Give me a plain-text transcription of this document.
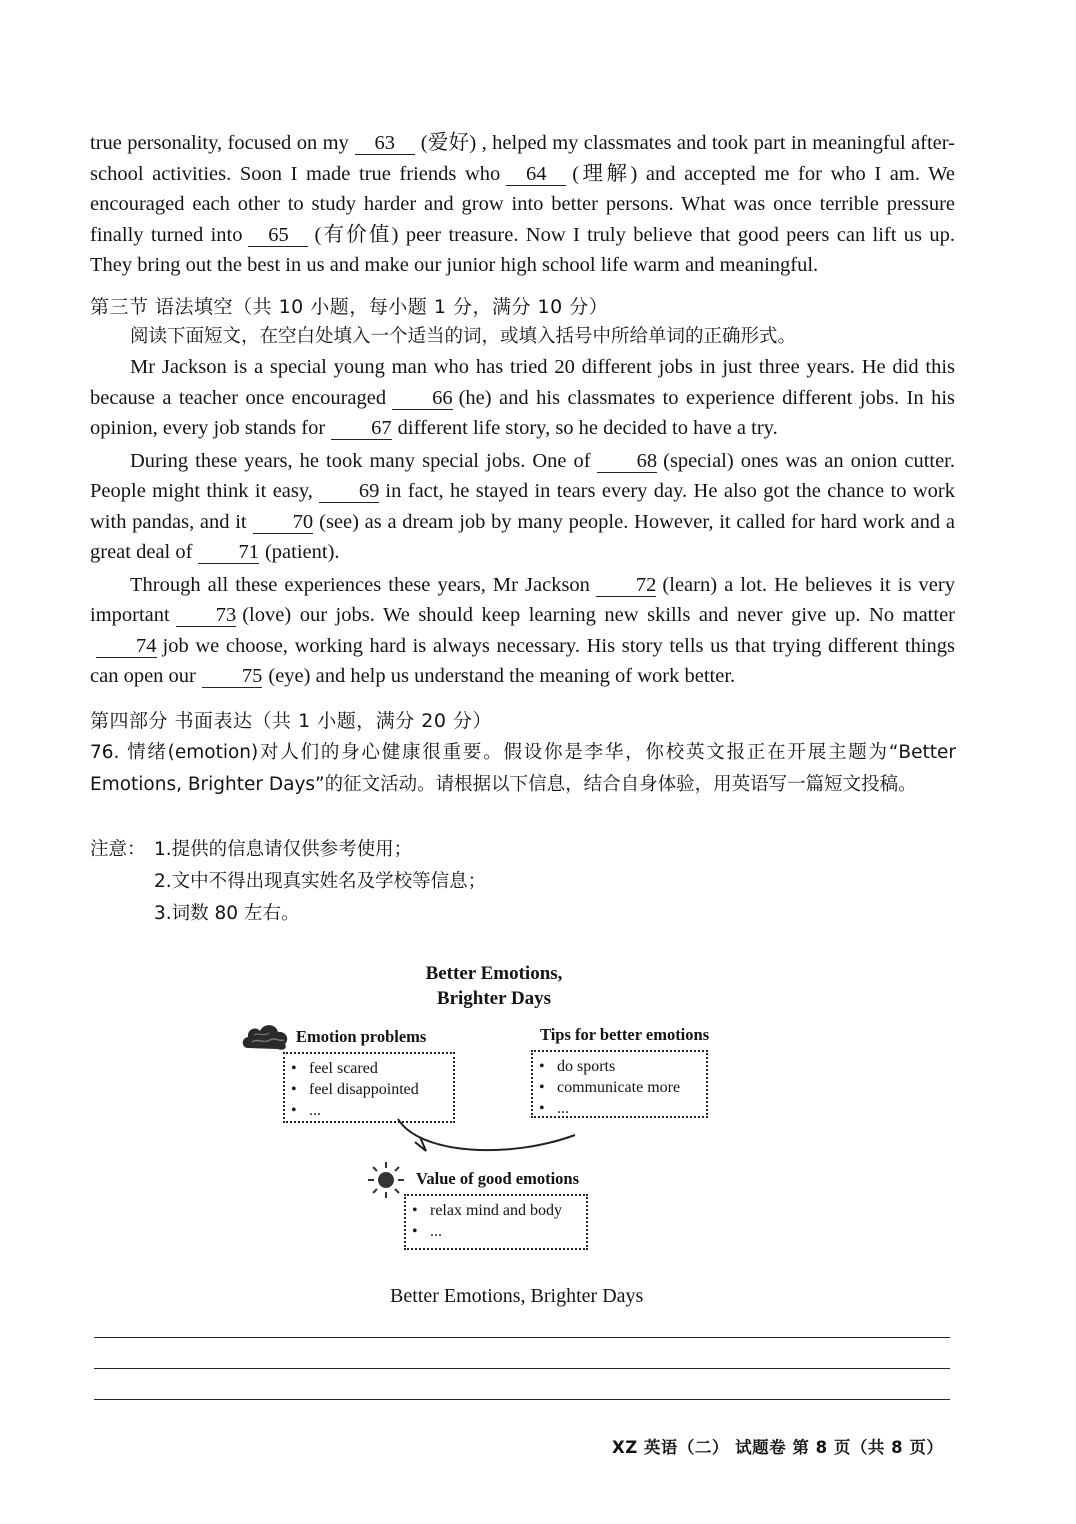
true personality, focused on my 63 (爱好) , helped my classmates and took part in meaningful after-school activities. Soon I made true friends who 64 (理解) and accepted me for who I am. We encouraged each other to study harder and grow into better persons. What was once terrible pressure finally turned into 65 (有价值) peer treasure. Now I truly believe that good peers can lift us up. They bring out the best in us and make our junior high school life warm and meaningful.

第三节 语法填空（共 10 小题，每小题 1 分，满分 10 分）
阅读下面短文，在空白处填入一个适当的词，或填入括号中所给单词的正确形式。

Mr Jackson is a special young man who has tried 20 different jobs in just three years. He did this because a teacher once encouraged 66 (he) and his classmates to experience different jobs. In his opinion, every job stands for 67 different life story, so he decided to have a try.

During these years, he took many special jobs. One of 68 (special) ones was an onion cutter. People might think it easy, 69 in fact, he stayed in tears every day. He also got the chance to work with pandas, and it 70 (see) as a dream job by many people. However, it called for hard work and a great deal of 71 (patient).

Through all these experiences these years, Mr Jackson 72 (learn) a lot. He believes it is very important 73 (love) our jobs. We should keep learning new skills and never give up. No matter74 job we choose, working hard is always necessary. His story tells us that trying different things can open our 75 (eye) and help us understand the meaning of work better.

第四部分 书面表达（共 1 小题，满分 20 分）
76. 情绪(emotion)对人们的身心健康很重要。假设你是李华，你校英文报正在开展主题为“Better Emotions, Brighter Days”的征文活动。请根据以下信息，结合自身体验，用英语写一篇短文投稿。
注意： 1.提供的信息请仅供参考使用；
2.文中不得出现真实姓名及学校等信息；
3.词数 80 左右。
Better Emotions,
Brighter Days
Emotion problems
• feel scared
• feel disappointed
• ...
Tips for better emotions
• do sports
• communicate more
• ...
Value of good emotions
• relax mind and body
• ...
Better Emotions, Brighter Days
XZ 英语（二） 试题卷 第 8 页（共 8 页）
